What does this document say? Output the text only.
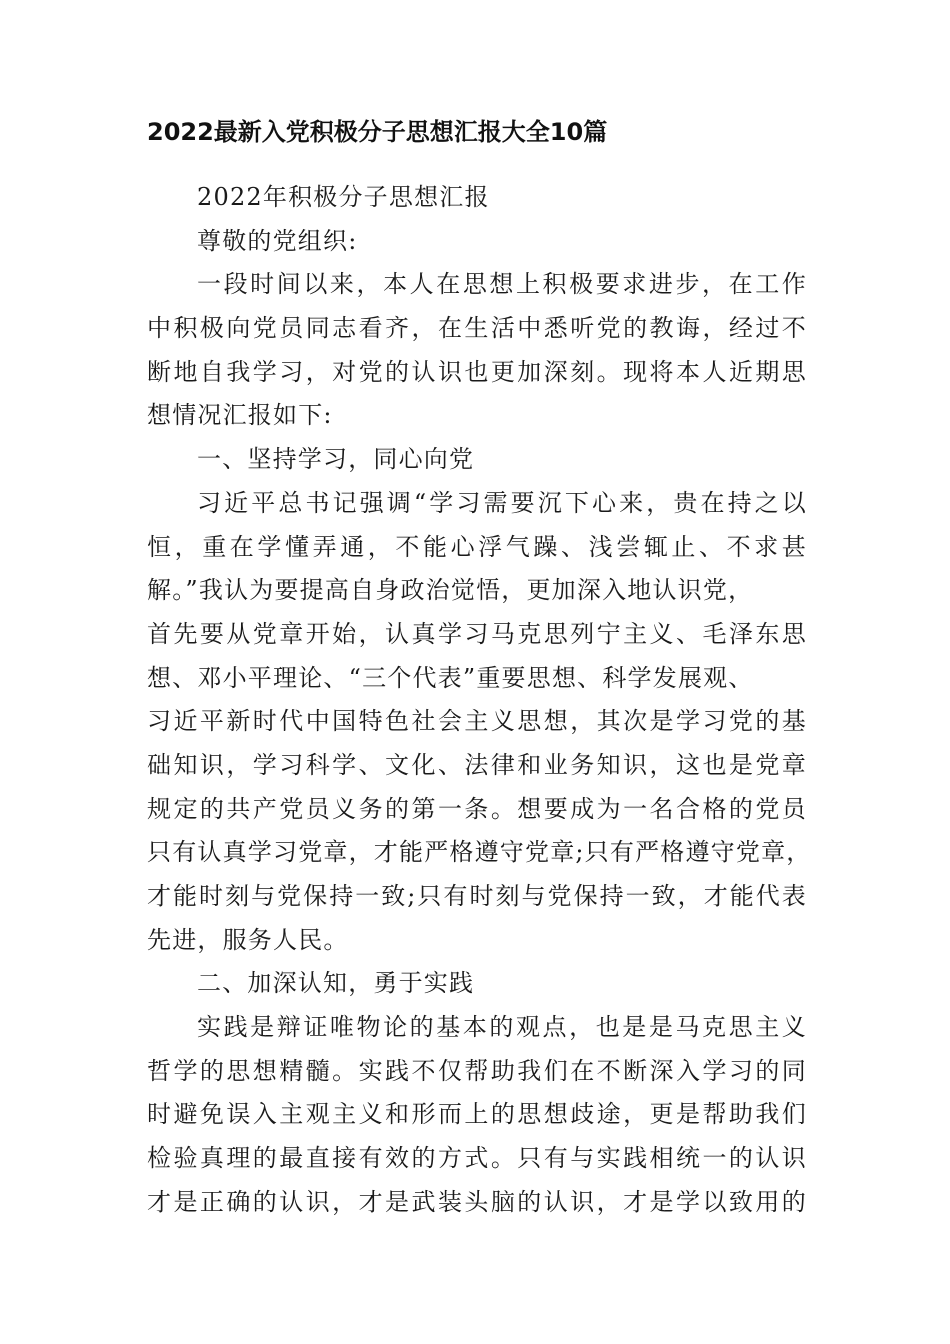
2022最新入党积极分子思想汇报大全10篇
2022年积极分子思想汇报
尊敬的党组织:
一段时间以来，本人在思想上积极要求进步，在工作
中积极向党员同志看齐，在生活中悉听党的教诲，经过不
断地自我学习，对党的认识也更加深刻。现将本人近期思
想情况汇报如下:
一、坚持学习，同心向党
习近平总书记强调“学习需要沉下心来，贵在持之以
恒，重在学懂弄通，不能心浮气躁、浅尝辄止、不求甚
解。”我认为要提高自身政治觉悟，更加深入地认识党，
首先要从党章开始，认真学习马克思列宁主义、毛泽东思
想、邓小平理论、“三个代表”重要思想、科学发展观、
习近平新时代中国特色社会主义思想，其次是学习党的基
础知识，学习科学、文化、法律和业务知识，这也是党章
规定的共产党员义务的第一条。想要成为一名合格的党员
只有认真学习党章，才能严格遵守党章;只有严格遵守党章，
才能时刻与党保持一致;只有时刻与党保持一致，才能代表
先进，服务人民。
二、加深认知，勇于实践
实践是辩证唯物论的基本的观点，也是是马克思主义
哲学的思想精髓。实践不仅帮助我们在不断深入学习的同
时避免误入主观主义和形而上的思想歧途，更是帮助我们
检验真理的最直接有效的方式。只有与实践相统一的认识
才是正确的认识，才是武装头脑的认识，才是学以致用的
